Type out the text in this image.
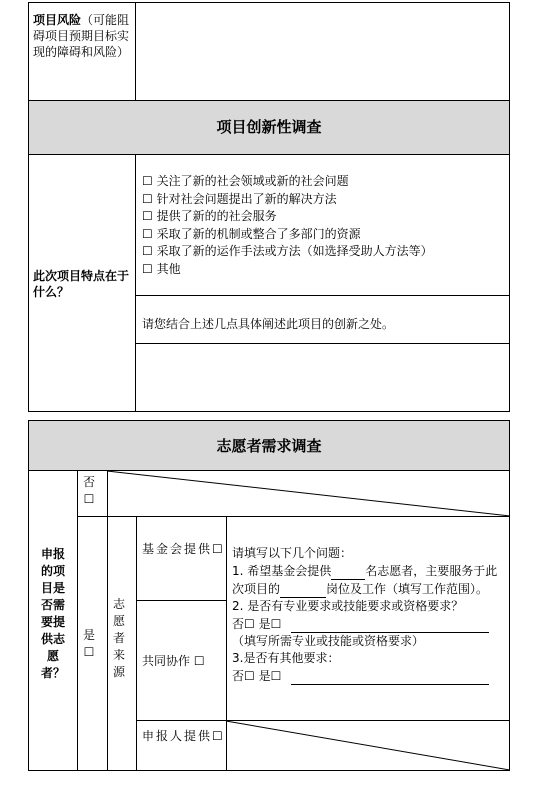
项目风险（可能阻碍项目预期目标实现的障碍和风险）
项目创新性调查
此次项目特点在于什么？
☐ 关注了新的社会领域或新的社会问题
☐ 针对社会问题提出了新的解决方法
☐ 提供了新的的社会服务
☐ 采取了新的机制或整合了多部门的资源
☐ 采取了新的运作手法或方法（如选择受助人方法等）
☐ 其他
请您结合上述几点具体阐述此项目的创新之处。
志愿者需求调查
申报的项目是否需要提供志愿者？
否☐
是☐
志愿者来源
基金会提供☐
共同协作 ☐
申报人提供☐
请填写以下几个问题：
1. 希望基金会提供	名志愿者，主要服务于此次项目的	岗位及工作（填写工作范围）。
2. 是否有专业要求或技能要求或资格要求？
否☐ 是☐
（填写所需专业或技能或资格要求）
3.是否有其他要求：
否☐ 是☐
